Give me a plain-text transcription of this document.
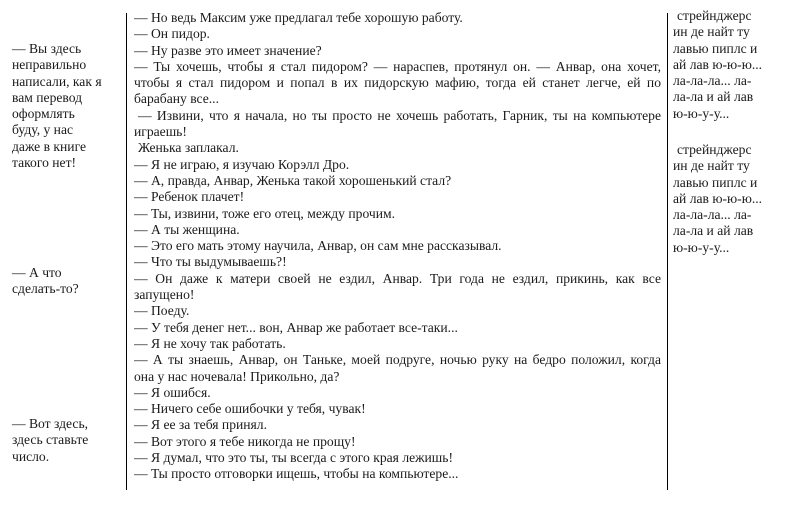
— Вы здесь
неправильно
написали, как я
вам перевод
оформлять
буду, у нас
даже в книге
такого нет!
— А что
сделать-то?
— Вот здесь,
здесь ставьте
число.
— Но ведь Максим уже предлагал тебе хорошую работу.
— Он пидор.
— Ну разве это имеет значение?
— Ты хочешь, чтобы я стал пидором? — нараспев, протянул он. — Анвар, она хочет,
чтобы я стал пидором и попал в их пидорскую мафию, тогда ей станет легче, ей по
барабану все...
— Извини, что я начала, но ты просто не хочешь работать, Гарник, ты на компьютере
играешь!
Женька заплакал.
— Я не играю, я изучаю Корэлл Дро.
— А, правда, Анвар, Женька такой хорошенький стал?
— Ребенок плачет!
— Ты, извини, тоже его отец, между прочим.
— А ты женщина.
— Это его мать этому научила, Анвар, он сам мне рассказывал.
— Что ты выдумываешь?!
— Он даже к матери своей не ездил, Анвар. Три года не ездил, прикинь, как все
запущено!
— Поеду.
— У тебя денег нет... вон, Анвар же работает все-таки...
— Я не хочу так работать.
— А ты знаешь, Анвар, он Таньке, моей подруге, ночью руку на бедро положил, когда
она у нас ночевала! Прикольно, да?
— Я ошибся.
— Ничего себе ошибочки у тебя, чувак!
— Я ее за тебя принял.
— Вот этого я тебе никогда не прощу!
— Я думал, что это ты, ты всегда с этого края лежишь!
— Ты просто отговорки ищешь, чтобы на компьютере...
стрейнджерс
ин де найт ту
лавью пиплс и
ай лав ю-ю-ю...
ла-ла-ла... ла-
ла-ла и ай лав
ю-ю-у-у...
стрейнджерс
ин де найт ту
лавью пиплс и
ай лав ю-ю-ю...
ла-ла-ла... ла-
ла-ла и ай лав
ю-ю-у-у...
